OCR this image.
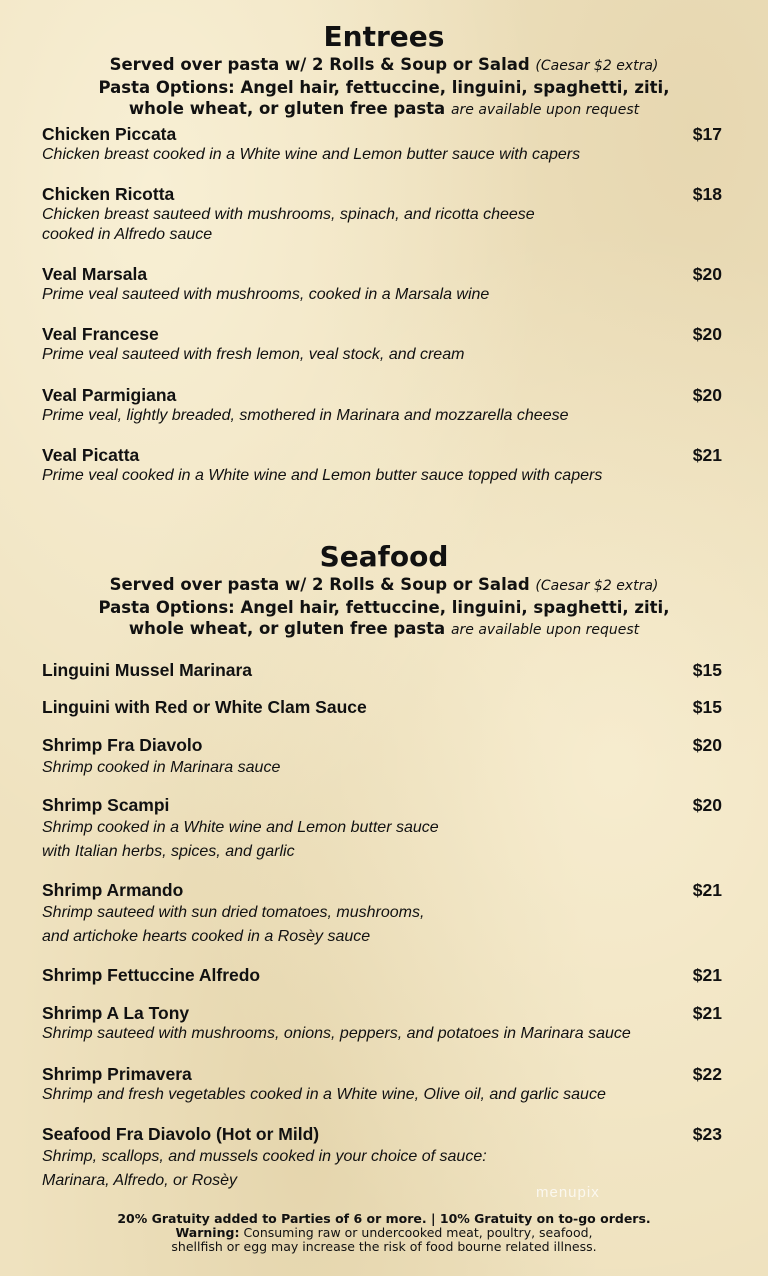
Entrees

Served over pasta w/ 2 Rolls & Soup or Salad (Caesar $2 extra)

Pasta Options: Angel hair, fettuccine, linguini, spaghetti, ziti,

whole wheat, or gluten free pasta are available upon request

Chicken Piccata	$17
Chicken breast cooked in a White wine and Lemon butter sauce with capers
Chicken Ricotta	$18
Chicken breast sauteed with mushrooms, spinach, and ricotta cheese
cooked in Alfredo sauce
Veal Marsala	$20
Prime veal sauteed with mushrooms, cooked in a Marsala wine
Veal Francese	$20
Prime veal sauteed with fresh lemon, veal stock, and cream
Veal Parmigiana	$20
Prime veal, lightly breaded, smothered in Marinara and mozzarella cheese
Veal Picatta	$21
Prime veal cooked in a White wine and Lemon butter sauce topped with capers
Seafood

Served over pasta w/ 2 Rolls & Soup or Salad (Caesar $2 extra)

Pasta Options: Angel hair, fettuccine, linguini, spaghetti, ziti,

whole wheat, or gluten free pasta are available upon request

Linguini Mussel Marinara	$15
Linguini with Red or White Clam Sauce	$15
Shrimp Fra Diavolo	$20
Shrimp cooked in Marinara sauce
Shrimp Scampi	$20
Shrimp cooked in a White wine and Lemon butter sauce
with Italian herbs, spices, and garlic
Shrimp Armando	$21
Shrimp sauteed with sun dried tomatoes, mushrooms,
and artichoke hearts cooked in a Rosèy sauce
Shrimp Fettuccine Alfredo	$21
Shrimp A La Tony	$21
Shrimp sauteed with mushrooms, onions, peppers, and potatoes in Marinara sauce
Shrimp Primavera	$22
Shrimp and fresh vegetables cooked in a White wine, Olive oil, and garlic sauce
Seafood Fra Diavolo (Hot or Mild)	$23
Shrimp, scallops, and mussels cooked in your choice of sauce:
Marinara, Alfredo, or Rosèy
menupix
20% Gratuity added to Parties of 6 or more. | 10% Gratuity on to-go orders.
Warning: Consuming raw or undercooked meat, poultry, seafood,
shellfish or egg may increase the risk of food bourne related illness.
